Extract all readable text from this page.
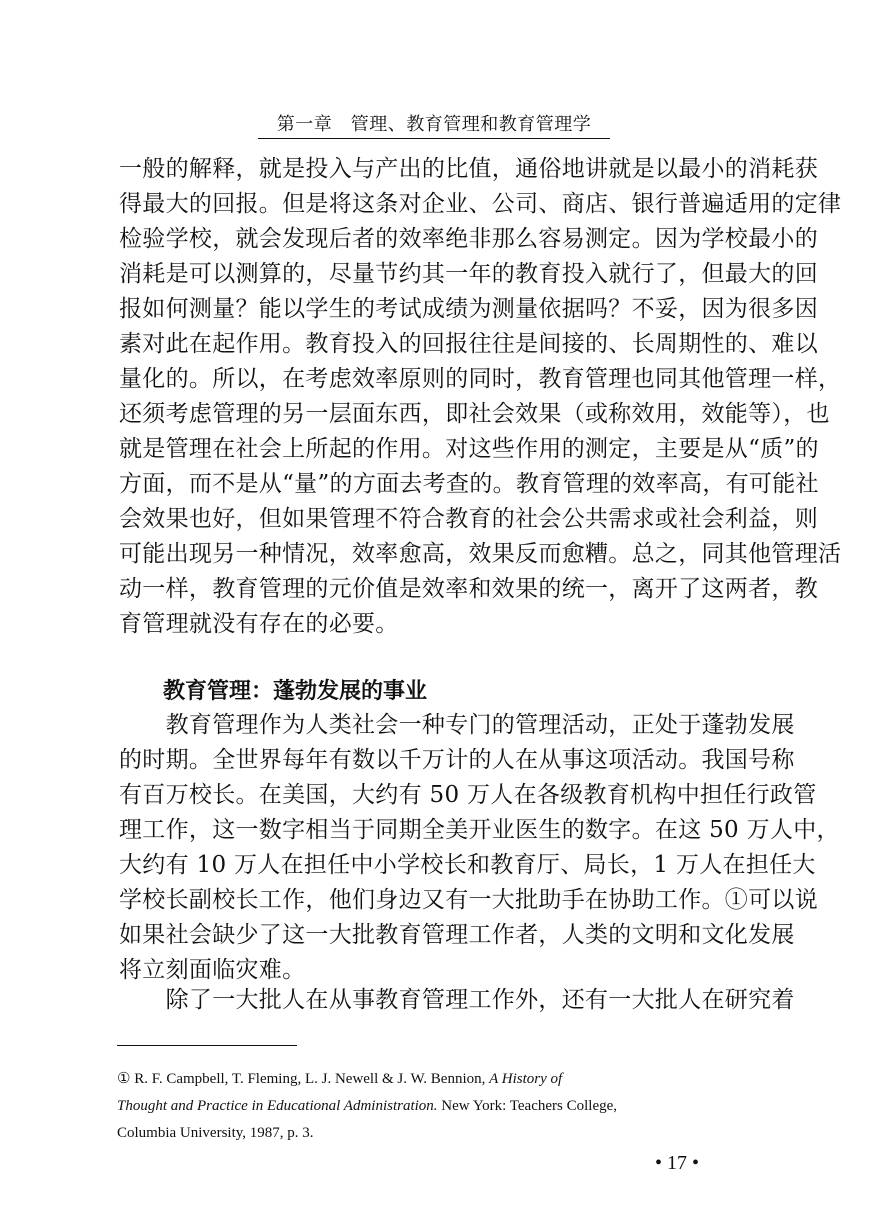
第一章　管理、教育管理和教育管理学
一般的解释，就是投入与产出的比值，通俗地讲就是以最小的消耗获
得最大的回报。但是将这条对企业、公司、商店、银行普遍适用的定律
检验学校，就会发现后者的效率绝非那么容易测定。因为学校最小的
消耗是可以测算的，尽量节约其一年的教育投入就行了，但最大的回
报如何测量？能以学生的考试成绩为测量依据吗？不妥，因为很多因
素对此在起作用。教育投入的回报往往是间接的、长周期性的、难以
量化的。所以，在考虑效率原则的同时，教育管理也同其他管理一样，
还须考虑管理的另一层面东西，即社会效果（或称效用，效能等），也
就是管理在社会上所起的作用。对这些作用的测定，主要是从“质”的
方面，而不是从“量”的方面去考查的。教育管理的效率高，有可能社
会效果也好，但如果管理不符合教育的社会公共需求或社会利益，则
可能出现另一种情况，效率愈高，效果反而愈糟。总之，同其他管理活
动一样，教育管理的元价值是效率和效果的统一，离开了这两者，教
育管理就没有存在的必要。
教育管理：蓬勃发展的事业
　　教育管理作为人类社会一种专门的管理活动，正处于蓬勃发展
的时期。全世界每年有数以千万计的人在从事这项活动。我国号称
有百万校长。在美国，大约有 50 万人在各级教育机构中担任行政管
理工作，这一数字相当于同期全美开业医生的数字。在这 50 万人中，
大约有 10 万人在担任中小学校长和教育厅、局长，1 万人在担任大
学校长副校长工作，他们身边又有一大批助手在协助工作。①可以说
如果社会缺少了这一大批教育管理工作者，人类的文明和文化发展
将立刻面临灾难。
　　除了一大批人在从事教育管理工作外，还有一大批人在研究着
① R. F. Campbell, T. Fleming, L. J. Newell & J. W. Bennion, A History of
Thought and Practice in Educational Administration. New York: Teachers College,
Columbia University, 1987, p. 3.
• 17 •
